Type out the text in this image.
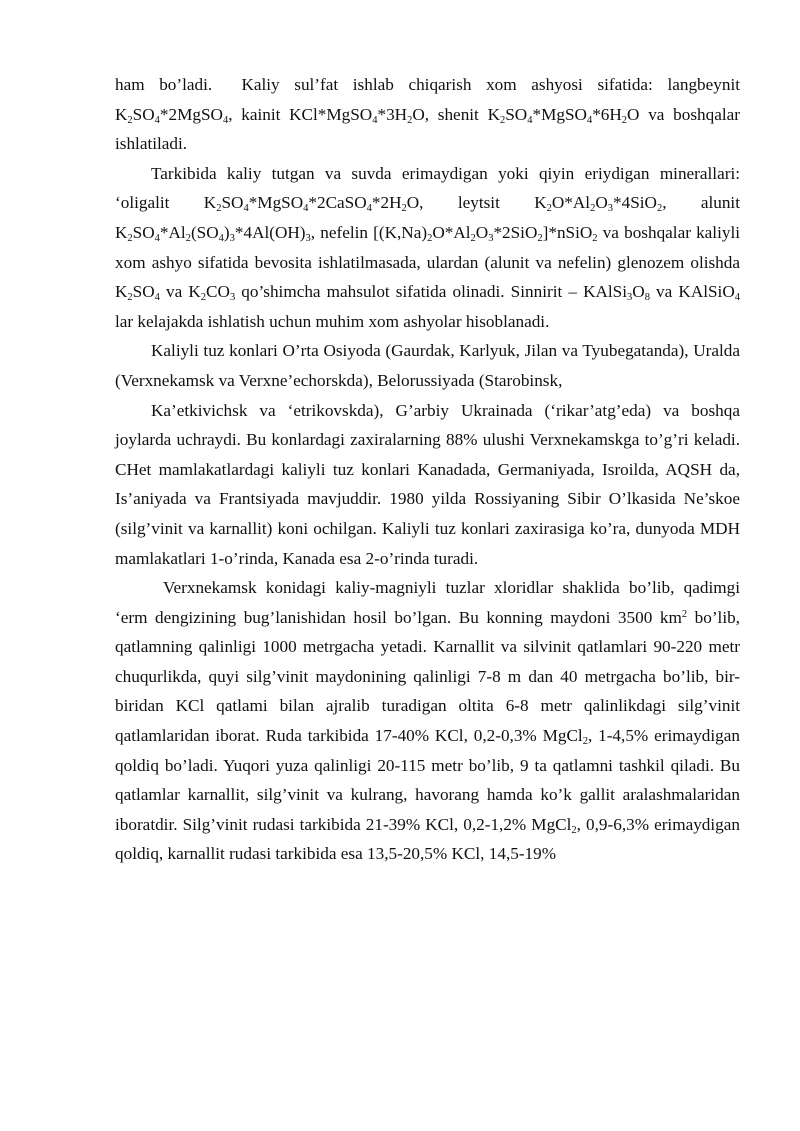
ham bo’ladi.  Kaliy sul’fat ishlab chiqarish xom ashyosi sifatida: langbeynit $K_2SO_4*2MgSO_4$, kainit $KCl*MgSO_4*3H_2O$, shenit $K_2SO_4*MgSO_4*6H_2O$ va boshqalar ishlatiladi.

Tarkibida kaliy tutgan va suvda erimaydigan yoki qiyin eriydigan minerallari: ‘oligalit $K_2SO_4*MgSO_4*2CaSO_4*2H_2O$, leytsit $K_2O*Al_2O_3*4SiO_2$, alunit $K_2SO_4*Al_2(SO_4)_3*4Al(OH)_3$, nefelin $[(K,Na)_2O*Al_2O_3*2SiO_2]*nSiO_2$ va boshqalar kaliyli xom ashyo sifatida bevosita ishlatilmasada, ulardan (alunit va nefelin) glenozem olishda $K_2SO_4$ va $K_2CO_3$ qo’shimcha mahsulot sifatida olinadi. Sinnirit – $KAlSi_3O_8$ va KAlSiO$_4$ lar kelajakda ishlatish uchun muhim xom ashyolar hisoblanadi.

Kaliyli tuz konlari O’rta Osiyoda (Gaurdak, Karlyuk, Jilan va Tyubegatanda), Uralda (Verxnekamsk va Verxne’echorskda), Belorussiyada (Starobinsk,

Ka’etkivichsk va ‘etrikovskda), G’arbiy Ukrainada (‘rikar’atg’eda) va boshqa joylarda uchraydi. Bu konlardagi zaxiralarning 88% ulushi Verxnekamskga to’g’ri keladi. CHet mamlakatlardagi kaliyli tuz konlari Kanadada, Germaniyada, Isroilda, AQSH da, Is’aniyada va Frantsiyada mavjuddir. 1980 yilda Rossiyaning Sibir O’lkasida Ne’skoe (silg’vinit va karnallit) koni ochilgan. Kaliyli tuz konlari zaxirasiga ko’ra, dunyoda MDH mamlakatlari 1-o’rinda, Kanada esa 2-o’rinda turadi.

Verxnekamsk konidagi kaliy-magniyli tuzlar xloridlar shaklida bo’lib, qadimgi ‘erm dengizining bug’lanishidan hosil bo’lgan. Bu konning maydoni 3500 $km^2$ bo’lib, qatlamning qalinligi 1000 metrgacha yetadi. Karnallit va silvinit qatlamlari 90-220 metr chuqurlikda, quyi silg’vinit maydonining qalinligi 7-8 m dan 40 metrgacha bo’lib, bir-biridan KCl qatlami bilan ajralib turadigan oltita 6-8 metr qalinlikdagi silg’vinit qatlamlaridan iborat. Ruda tarkibida 17-40% KCl, 0,2-0,3% MgCl$_2$, 1-4,5% erimaydigan qoldiq bo’ladi. Yuqori yuza qalinligi 20-115 metr bo’lib, 9 ta qatlamni tashkil qiladi. Bu qatlamlar karnallit, silg’vinit va kulrang, havorang hamda ko’k gallit aralashmalaridan iboratdir. Silg’vinit rudasi tarkibida 21-39% KCl, 0,2-1,2% MgCl$_2$, 0,9-6,3% erimaydigan qoldiq, karnallit rudasi tarkibida esa 13,5-20,5% KCl, 14,5-19%
